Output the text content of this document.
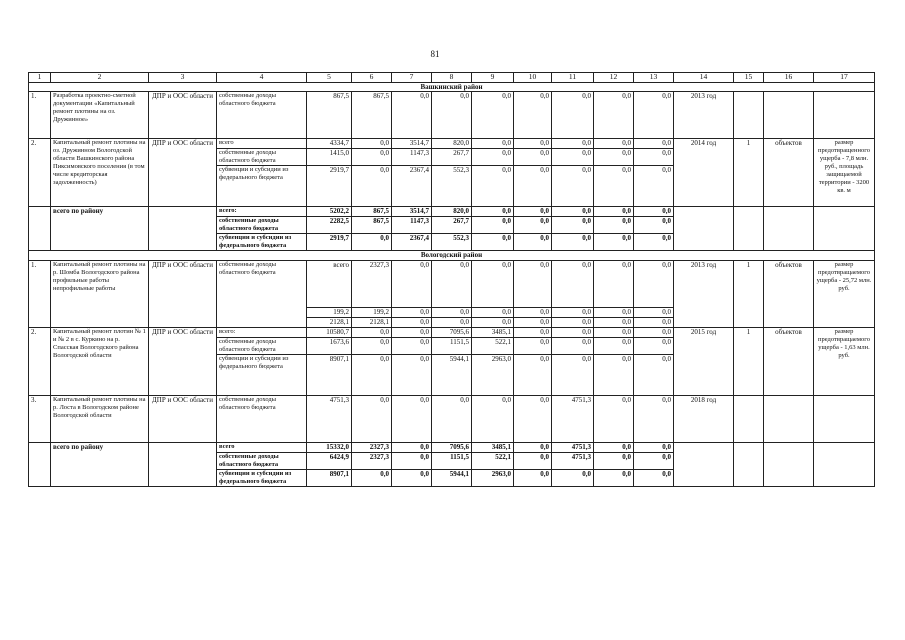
81
1	2	3	4	5	6	7	8	9	10	11	12	13	14	15	16	17
Вашкинский район																
1.	Разработка проектно-сметной документации «Капитальный ремонт плотины на оз. Дружинное»	ДПР и ООС области	собственные доходы областного бюджета	867,5	867,5	0,0	0,0	0,0	0,0	0,0	0,0	0,0	2013 год			
2.	Капитальный ремонт плотины на оз. Дружинном Вологодской области Вашкинского района Пиксимовского поселения (в том числе кредиторская задолженность)	ДПР и ООС области	всего	4334,7	0,0	3514,7	820,0	0,0	0,0	0,0	0,0	0,0	2014 год	1	объектов	размер предотвращенного ущерба - 7,8 млн. руб., площадь защищаемой территории - 3200 кв. м
			собственные доходы областного бюджета	1415,0	0,0	1147,3	267,7	0,0	0,0	0,0	0,0	0,0				
			субвенции и субсидии из федерального бюджета	2919,7	0,0	2367,4	552,3	0,0	0,0	0,0	0,0	0,0				
	всего по району		всего:	5202,2	867,5	3514,7	820,0	0,0	0,0	0,0	0,0	0,0				
			собственные доходы областного бюджета	2282,5	867,5	1147,3	267,7	0,0	0,0	0,0	0,0	0,0				
			субвенции и субсидии из федерального бюджета	2919,7	0,0	2367,4	552,3	0,0	0,0	0,0	0,0	0,0				
Вологодский район																
1.	Капитальный ремонт плотины на р. Шомба Вологодского района профильные работы непрофильные работы	ДПР и ООС области	собственные доходы областного бюджета	всего	2327,3	0,0	0,0	0,0	0,0	0,0	0,0	0,0	2013 год	1	объектов	размер предотвращаемого ущерба - 25,72 млн. руб.
				199,2	199,2	0,0	0,0	0,0	0,0	0,0	0,0	0,0				
				2128,1	2128,1	0,0	0,0	0,0	0,0	0,0	0,0	0,0				
2.	Капитальный ремонт плотин № 1 и № 2 в с. Куркино на р. Спасская Вологодского района Вологодской области	ДПР и ООС области	всего:	10580,7	0,0	0,0	7095,6	3485,1	0,0	0,0	0,0	0,0	2015 год	1	объектов	размер предотвращаемого ущерба - 1,63 млн. руб.
			собственные доходы областного бюджета	1673,6	0,0	0,0	1151,5	522,1	0,0	0,0	0,0	0,0				
			субвенции и субсидии из федерального бюджета	8907,1	0,0	0,0	5944,1	2963,0	0,0	0,0	0,0	0,0				
3.	Капитальный ремонт плотины на р. Лоста в Вологодском районе Вологодской области	ДПР и ООС области	собственные доходы областного бюджета	4751,3	0,0	0,0	0,0	0,0	0,0	4751,3	0,0	0,0	2018 год			
	всего по району		всего	15332,0	2327,3	0,0	7095,6	3485,1	0,0	4751,3	0,0	0,0				
			собственные доходы областного бюджета	6424,9	2327,3	0,0	1151,5	522,1	0,0	4751,3	0,0	0,0				
			субвенции и субсидии из федерального бюджета	8907,1	0,0	0,0	5944,1	2963,0	0,0	0,0	0,0	0,0				
